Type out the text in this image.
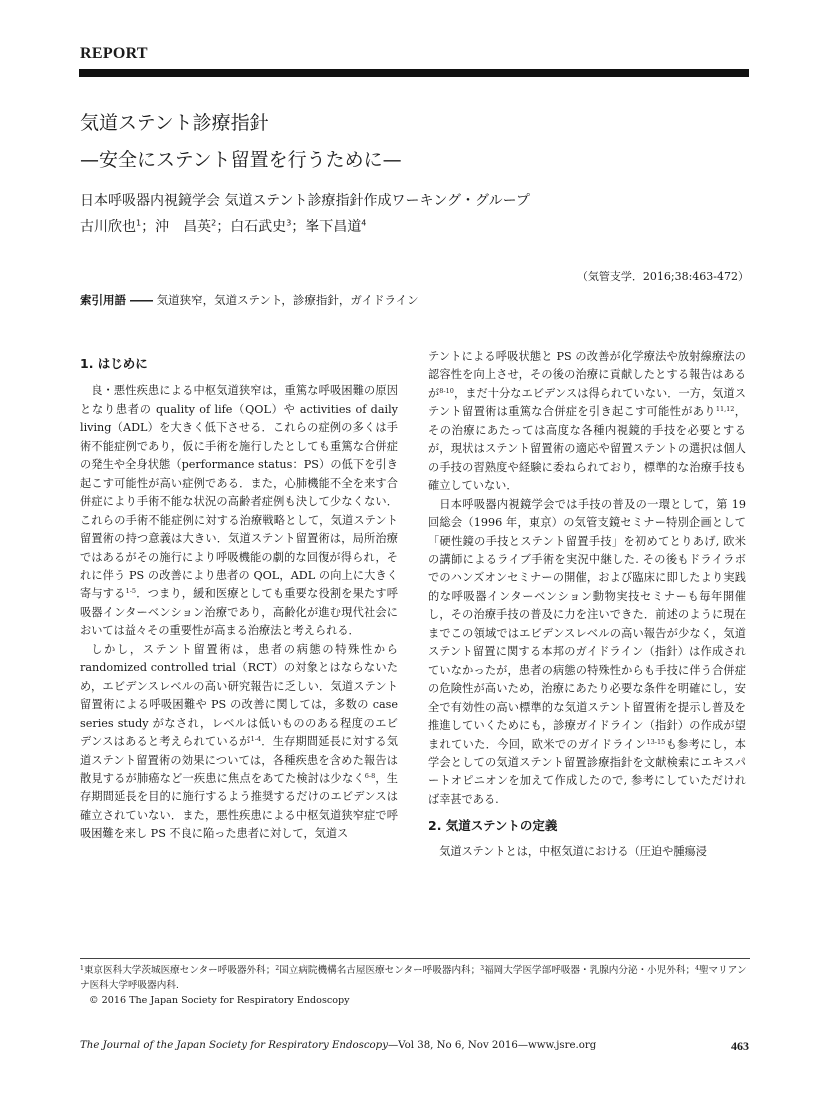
REPORT
気道ステント診療指針
—安全にステント留置を行うために—
日本呼吸器内視鏡学会 気道ステント診療指針作成ワーキング・グループ
古川欣也$^1$；沖　昌英$^2$；白石武史$^3$；峯下昌道$^4$
（気管支学．2016;38:463-472）
索引用語 ―― 気道狭窄，気道ステント，診療指針，ガイドライン
1. はじめに

良・悪性疾患による中枢気道狭窄は，重篤な呼吸困難の原因となり患者の quality of life（QOL）や activities of daily living（ADL）を大きく低下させる．これらの症例の多くは手術不能症例であり，仮に手術を施行したとしても重篤な合併症の発生や全身状態（performance status：PS）の低下を引き起こす可能性が高い症例である．また，心肺機能不全を来す合併症により手術不能な状況の高齢者症例も決して少なくない．これらの手術不能症例に対する治療戦略として，気道ステント留置術の持つ意義は大きい．気道ステント留置術は，局所治療ではあるがその施行により呼吸機能の劇的な回復が得られ，それに伴う PS の改善により患者の QOL，ADL の向上に大きく寄与する$^{1-5}$．つまり，緩和医療としても重要な役割を果たす呼吸器インターベンション治療であり，高齢化が進む現代社会においては益々その重要性が高まる治療法と考えられる．

しかし，ステント留置術は，患者の病態の特殊性から randomized controlled trial（RCT）の対象とはならないため，エビデンスレベルの高い研究報告に乏しい．気道ステント留置術による呼吸困難や PS の改善に関しては，多数の case series study がなされ，レベルは低いもののある程度のエビデンスはあると考えられているが$^{1-4}$．生存期間延長に対する気道ステント留置術の効果については，各種疾患を含めた報告は散見するが肺癌など一疾患に焦点をあてた検討は少なく$^{6-8}$，生存期間延長を目的に施行するよう推奨するだけのエビデンスは確立されていない．また，悪性疾患による中枢気道狭窄症で呼吸困難を来し PS 不良に陥った患者に対して，気道ス

テントによる呼吸状態と PS の改善が化学療法や放射線療法の認容性を向上させ，その後の治療に貢献したとする報告はあるが$^{8-10}$，まだ十分なエビデンスは得られていない．一方，気道ステント留置術は重篤な合併症を引き起こす可能性があり$^{11,12}$，その治療にあたっては高度な各種内視鏡的手技を必要とするが，現状はステント留置術の適応や留置ステントの選択は個人の手技の習熟度や経験に委ねられており，標準的な治療手技も確立していない．

日本呼吸器内視鏡学会では手技の普及の一環として，第 19 回総会（1996 年，東京）の気管支鏡セミナー特別企画として「硬性鏡の手技とステント留置手技」を初めてとりあげ, 欧米の講師によるライブ手術を実況中継した. その後もドライラボでのハンズオンセミナーの開催，および臨床に即したより実践的な呼吸器インターベンション動物実技セミナーも毎年開催し，その治療手技の普及に力を注いできた．前述のように現在までこの領域ではエビデンスレベルの高い報告が少なく，気道ステント留置に関する本邦のガイドライン（指針）は作成されていなかったが，患者の病態の特殊性からも手技に伴う合併症の危険性が高いため，治療にあたり必要な条件を明確にし，安全で有効性の高い標準的な気道ステント留置術を提示し普及を推進していくためにも，診療ガイドライン（指針）の作成が望まれていた．今回，欧米でのガイドライン$^{13-15}$も参考にし，本学会としての気道ステント留置診療指針を文献検索にエキスパートオピニオンを加えて作成したので, 参考にしていただければ幸甚である.

2. 気道ステントの定義

気道ステントとは，中枢気道における（圧迫や腫瘍浸

$^1$東京医科大学茨城医療センター呼吸器外科；$^2$国立病院機構名古屋医療センター呼吸器内科；$^3$福岡大学医学部呼吸器・乳腺内分泌・小児外科；$^4$聖マリアンナ医科大学呼吸器内科.
© 2016 The Japan Society for Respiratory Endoscopy
The Journal of the Japan Society for Respiratory Endoscopy—Vol 38, No 6, Nov 2016—www.jsre.org	463
